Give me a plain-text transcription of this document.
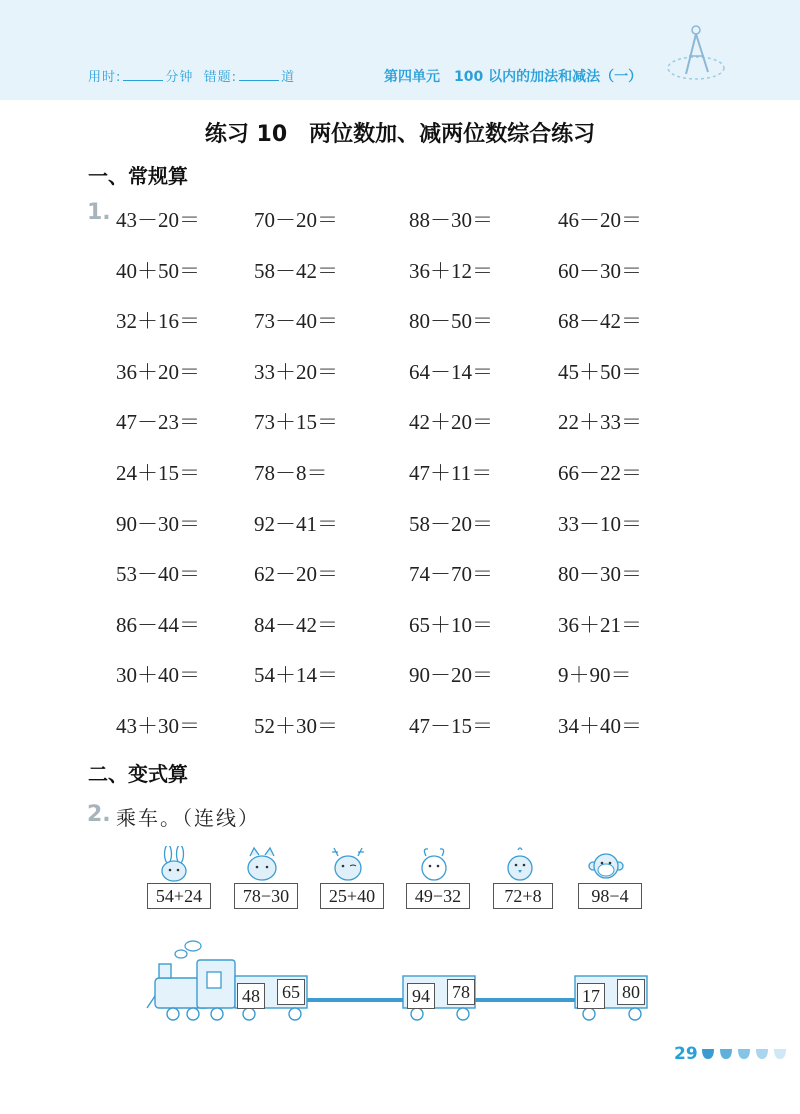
用时:	分钟 错题:	道	第四单元　100 以内的加法和减法（一）
练习 10　两位数加、减两位数综合练习
一、常规算
1. 43－20＝	70－20＝	88－30＝	46－20＝
40＋50＝	58－42＝	36＋12＝	60－30＝
32＋16＝	73－40＝	80－50＝	68－42＝
36＋20＝	33＋20＝	64－14＝	45＋50＝
47－23＝	73＋15＝	42＋20＝	22＋33＝
24＋15＝	78－8＝	47＋11＝	66－22＝
90－30＝	92－41＝	58－20＝	33－10＝
53－40＝	62－20＝	74－70＝	80－30＝
86－44＝	84－42＝	65＋10＝	36＋21＝
30＋40＝	54＋14＝	90－20＝	9＋90＝
43＋30＝	52＋30＝	47－15＝	34＋40＝
二、变式算
2. 乘车。（连线）
54+24	78−30	25+40	49−32	72+8	98−4
48 65	94 78	17 80
29
